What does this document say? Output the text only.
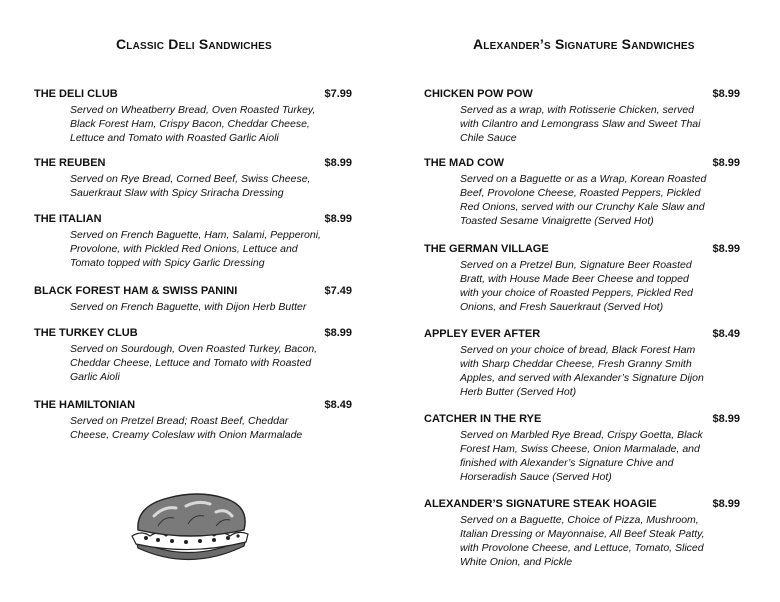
Classic Deli Sandwiches
THE DELI CLUB	$7.99
Served on Wheatberry Bread, Oven Roasted Turkey, Black Forest Ham, Crispy Bacon, Cheddar Cheese, Lettuce and Tomato with Roasted Garlic Aioli
THE REUBEN	$8.99
Served on Rye Bread, Corned Beef, Swiss Cheese, Sauerkraut Slaw with Spicy Sriracha Dressing
THE ITALIAN	$8.99
Served on French Baguette, Ham, Salami, Pepperoni, Provolone, with Pickled Red Onions, Lettuce and Tomato topped with Spicy Garlic Dressing
BLACK FOREST HAM & SWISS PANINI	$7.49
Served on French Baguette, with Dijon Herb Butter
THE TURKEY CLUB	$8.99
Served on Sourdough, Oven Roasted Turkey, Bacon, Cheddar Cheese, Lettuce and Tomato with Roasted Garlic Aioli
THE HAMILTONIAN	$8.49
Served on Pretzel Bread; Roast Beef, Cheddar Cheese, Creamy Coleslaw with Onion Marmalade
Alexander’s Signature Sandwiches
CHICKEN POW POW	$8.99
Served as a wrap, with Rotisserie Chicken, served with Cilantro and Lemongrass Slaw and Sweet Thai Chile Sauce
THE MAD COW	$8.99
Served on a Baguette or as a Wrap, Korean Roasted Beef, Provolone Cheese, Roasted Peppers, Pickled Red Onions, served with our Crunchy Kale Slaw and Toasted Sesame Vinaigrette (Served Hot)
THE GERMAN VILLAGE	$8.99
Served on a Pretzel Bun, Signature Beer Roasted Bratt, with House Made Beer Cheese and topped with your choice of Roasted Peppers, Pickled Red Onions, and Fresh Sauerkraut (Served Hot)
APPLEY EVER AFTER	$8.49
Served on your choice of bread, Black Forest Ham with Sharp Cheddar Cheese, Fresh Granny Smith Apples, and served with Alexander’s Signature Dijon Herb Butter (Served Hot)
CATCHER IN THE RYE	$8.99
Served on Marbled Rye Bread, Crispy Goetta, Black Forest Ham, Swiss Cheese, Onion Marmalade, and finished with Alexander’s Signature Chive and Horseradish Sauce (Served Hot)
ALEXANDER’S SIGNATURE STEAK HOAGIE	$8.99
Served on a Baguette, Choice of Pizza, Mushroom, Italian Dressing or Mayonnaise, All Beef Steak Patty, with Provolone Cheese, and Lettuce, Tomato, Sliced White Onion, and Pickle
